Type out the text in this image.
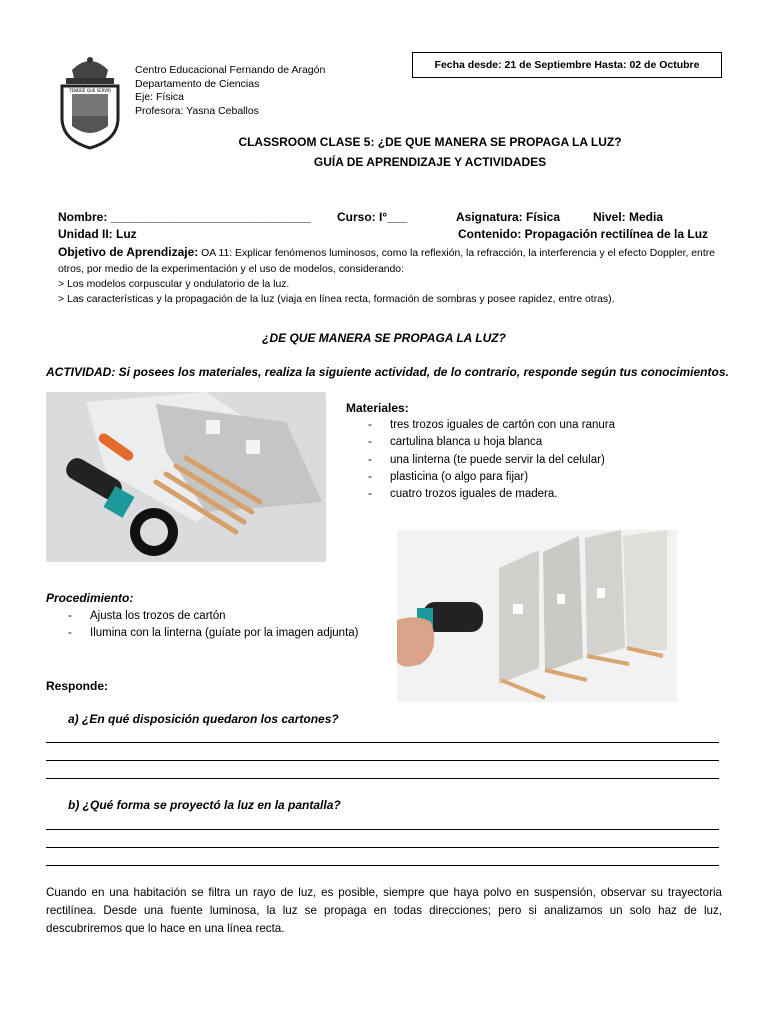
TENDRÉ QUE SERVIR
Centro Educacional Fernando de Aragón
Departamento de Ciencias
Eje: Física
Profesora: Yasna Ceballos
Fecha desde: 21 de Septiembre Hasta: 02 de Octubre
CLASSROOM CLASE 5: ¿DE QUE MANERA SE PROPAGA LA LUZ?
GUÍA DE APRENDIZAJE Y ACTIVIDADES
Nombre: ______________________________ Curso: I°___	Asignatura: Física	Nivel: Media
Unidad II: Luz	Contenido: Propagación rectilínea de la Luz
Objetivo de Aprendizaje: OA 11: Explicar fenómenos luminosos, como la reflexión, la refracción, la interferencia y el efecto Doppler, entre otros, por medio de la experimentación y el uso de modelos, considerando:
> Los modelos corpuscular y ondulatorio de la luz.
> Las características y la propagación de la luz (viaja en línea recta, formación de sombras y posee rapidez, entre otras).
¿DE QUE MANERA SE PROPAGA LA LUZ?
ACTIVIDAD: Si posees los materiales, realiza la siguiente actividad, de lo contrario, responde según tus conocimientos.
Materiales:
- tres trozos iguales de cartón con una ranura
- cartulina blanca u hoja blanca
- una linterna (te puede servir la del celular)
- plasticina (o algo para fijar)
- cuatro trozos iguales de madera.
Procedimiento:
- Ajusta los trozos de cartón
- Ilumina con la linterna (guíate por la imagen adjunta)
Responde:
a) ¿En qué disposición quedaron los cartones?
b) ¿Qué forma se proyectó la luz en la pantalla?
Cuando en una habitación se filtra un rayo de luz, es posible, siempre que haya polvo en suspensión, observar su trayectoria rectilínea. Desde una fuente luminosa, la luz se propaga en todas direcciones; pero si analizamos un solo haz de luz, descubriremos que lo hace en una línea recta.
